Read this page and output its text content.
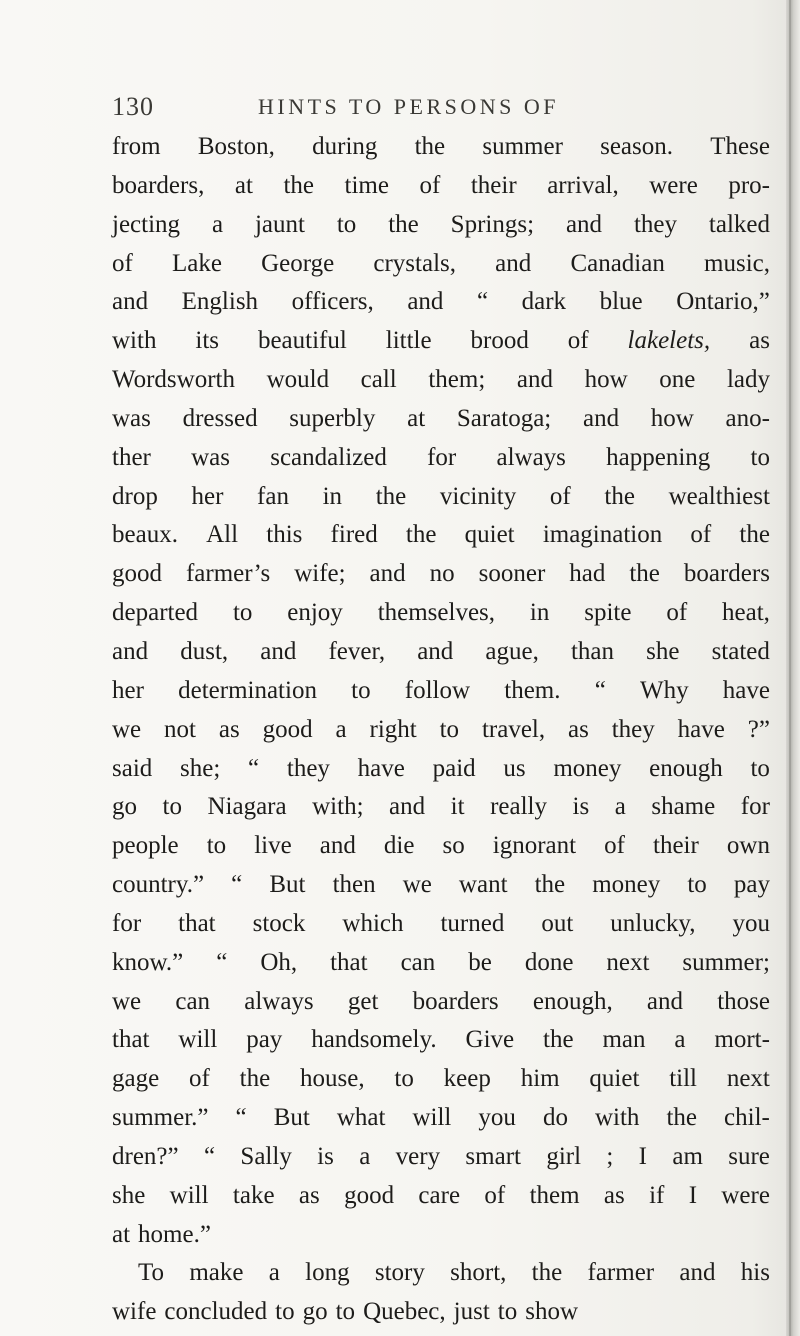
130	HINTS TO PERSONS OF
from Boston, during the summer season. These
boarders, at the time of their arrival, were pro-
jecting a jaunt to the Springs; and they talked
of Lake George crystals, and Canadian music,
and English officers, and “ dark blue Ontario,”
with its beautiful little brood of lakelets, as
Wordsworth would call them; and how one lady
was dressed superbly at Saratoga; and how ano-
ther was scandalized for always happening to
drop her fan in the vicinity of the wealthiest
beaux. All this fired the quiet imagination of the
good farmer’s wife; and no sooner had the boarders
departed to enjoy themselves, in spite of heat,
and dust, and fever, and ague, than she stated
her determination to follow them. “ Why have
we not as good a right to travel, as they have ?”
said she; “ they have paid us money enough to
go to Niagara with; and it really is a shame for
people to live and die so ignorant of their own
country.” “ But then we want the money to pay
for that stock which turned out unlucky, you
know.” “ Oh, that can be done next summer;
we can always get boarders enough, and those
that will pay handsomely. Give the man a mort-
gage of the house, to keep him quiet till next
summer.” “ But what will you do with the chil-
dren?” “ Sally is a very smart girl ; I am sure
she will take as good care of them as if I were
at home.”
To make a long story short, the farmer and his
wife concluded to go to Quebec, just to show
